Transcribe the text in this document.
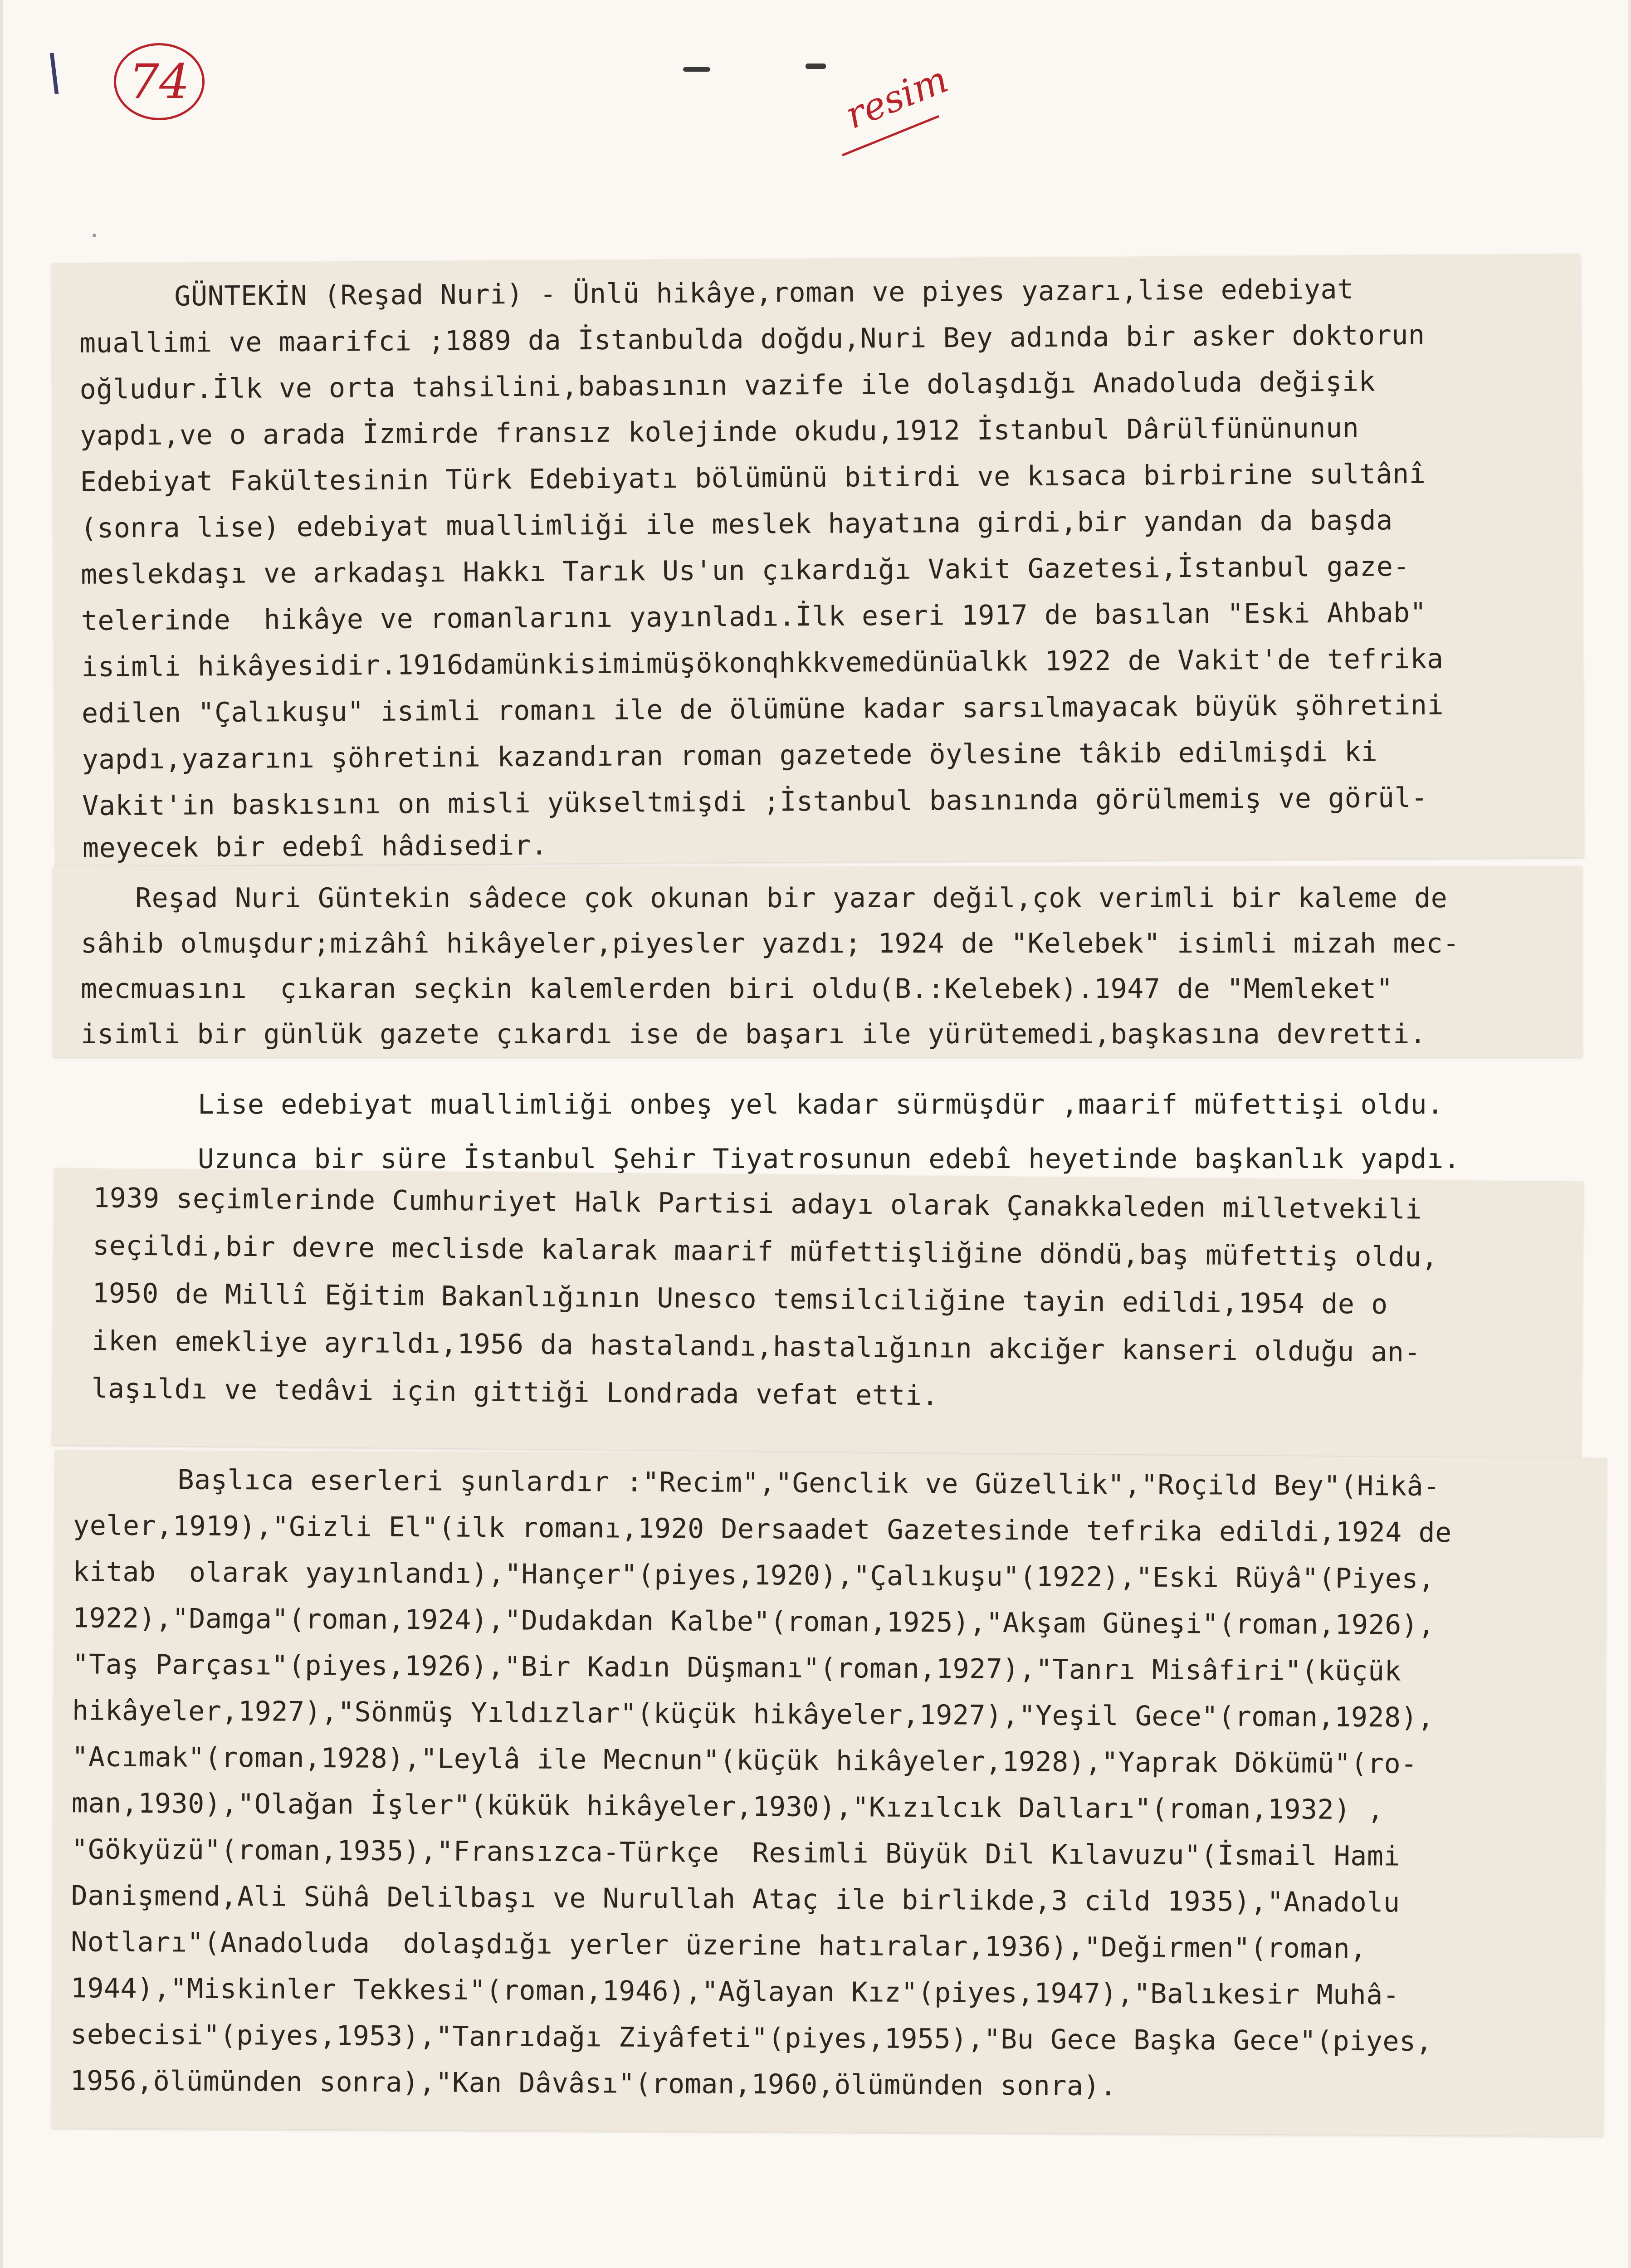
\	74	resim
GÜNTEKİN (Reşad Nuri) - Ünlü hikâye,roman ve piyes yazarı,lise edebiyat
muallimi ve maarifci ;1889 da İstanbulda doğdu,Nuri Bey adında bir asker doktorun
oğludur.İlk ve orta tahsilini,babasının vazife ile dolaşdığı Anadoluda değişik
yapdı,ve o arada İzmirde fransız kolejinde okudu,1912 İstanbul Dârülfününunun
Edebiyat Fakültesinin Türk Edebiyatı bölümünü bitirdi ve kısaca birbirine sultânî
(sonra lise) edebiyat muallimliği ile meslek hayatına girdi,bir yandan da başda
meslekdaşı ve arkadaşı Hakkı Tarık Us'un çıkardığı Vakit Gazetesi,İstanbul gaze-
telerinde  hikâye ve romanlarını yayınladı.İlk eseri 1917 de basılan "Eski Ahbab"
isimli hikâyesidir.1916damünkisimimüşökonqhkkvemedünüalkk 1922 de Vakit'de tefrika
edilen "Çalıkuşu" isimli romanı ile de ölümüne kadar sarsılmayacak büyük şöhretini
yapdı,yazarını şöhretini kazandıran roman gazetede öylesine tâkib edilmişdi ki
Vakit'in baskısını on misli yükseltmişdi ;İstanbul basınında görülmemiş ve görül-
meyecek bir edebî hâdisedir.
Reşad Nuri Güntekin sâdece çok okunan bir yazar değil,çok verimli bir kaleme de
sâhib olmuşdur;mizâhî hikâyeler,piyesler yazdı; 1924 de "Kelebek" isimli mizah mec-
mecmuasını  çıkaran seçkin kalemlerden biri oldu(B.:Kelebek).1947 de "Memleket"
isimli bir günlük gazete çıkardı ise de başarı ile yürütemedi,başkasına devretti.
Lise edebiyat muallimliği onbeş yel kadar sürmüşdür ,maarif müfettişi oldu.
Uzunca bir süre İstanbul Şehir Tiyatrosunun edebî heyetinde başkanlık yapdı.
1939 seçimlerinde Cumhuriyet Halk Partisi adayı olarak Çanakkaleden milletvekili
seçildi,bir devre meclisde kalarak maarif müfettişliğine döndü,baş müfettiş oldu,
1950 de Millî Eğitim Bakanlığının Unesco temsilciliğine tayin edildi,1954 de o
iken emekliye ayrıldı,1956 da hastalandı,hastalığının akciğer kanseri olduğu an-
laşıldı ve tedâvi için gittiği Londrada vefat etti.
Başlıca eserleri şunlardır :"Recim","Genclik ve Güzellik","Roçild Bey"(Hikâ-
yeler,1919),"Gizli El"(ilk romanı,1920 Dersaadet Gazetesinde tefrika edildi,1924 de
kitab  olarak yayınlandı),"Hançer"(piyes,1920),"Çalıkuşu"(1922),"Eski Rüyâ"(Piyes,
1922),"Damga"(roman,1924),"Dudakdan Kalbe"(roman,1925),"Akşam Güneşi"(roman,1926),
"Taş Parçası"(piyes,1926),"Bir Kadın Düşmanı"(roman,1927),"Tanrı Misâfiri"(küçük
hikâyeler,1927),"Sönmüş Yıldızlar"(küçük hikâyeler,1927),"Yeşil Gece"(roman,1928),
"Acımak"(roman,1928),"Leylâ ile Mecnun"(küçük hikâyeler,1928),"Yaprak Dökümü"(ro-
man,1930),"Olağan İşler"(kükük hikâyeler,1930),"Kızılcık Dalları"(roman,1932) ,
"Gökyüzü"(roman,1935),"Fransızca-Türkçe  Resimli Büyük Dil Kılavuzu"(İsmail Hami
Danişmend,Ali Sühâ Delilbaşı ve Nurullah Ataç ile birlikde,3 cild 1935),"Anadolu
Notları"(Anadoluda  dolaşdığı yerler üzerine hatıralar,1936),"Değirmen"(roman,
1944),"Miskinler Tekkesi"(roman,1946),"Ağlayan Kız"(piyes,1947),"Balıkesir Muhâ-
sebecisi"(piyes,1953),"Tanrıdağı Ziyâfeti"(piyes,1955),"Bu Gece Başka Gece"(piyes,
1956,ölümünden sonra),"Kan Dâvâsı"(roman,1960,ölümünden sonra).
